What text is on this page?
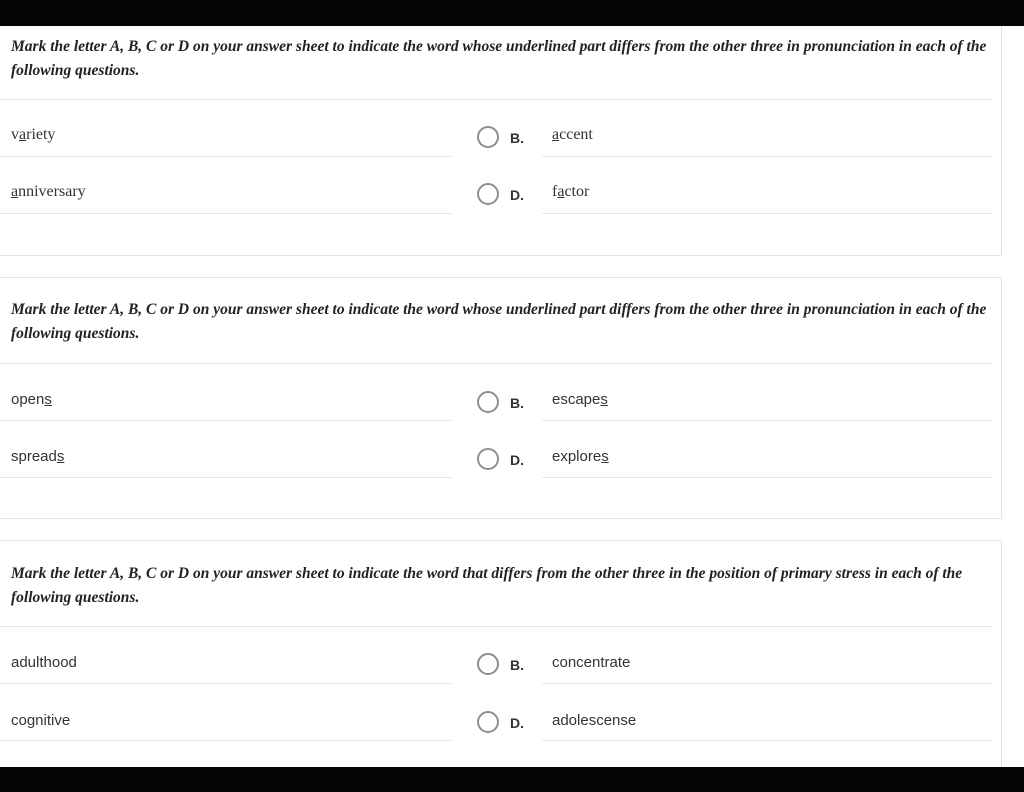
Mark the letter A, B, C or D on your answer sheet to indicate the word whose underlined part differs from the other three in pronunciation in each of the following questions.
variety	B. accent
anniversary	D. factor
Mark the letter A, B, C or D on your answer sheet to indicate the word whose underlined part differs from the other three in pronunciation in each of the following questions.
opens	B. escapes
spreads	D. explores
Mark the letter A, B, C or D on your answer sheet to indicate the word that differs from the other three in the position of primary stress in each of the following questions.
adulthood	B. concentrate
cognitive	D. adolescense
